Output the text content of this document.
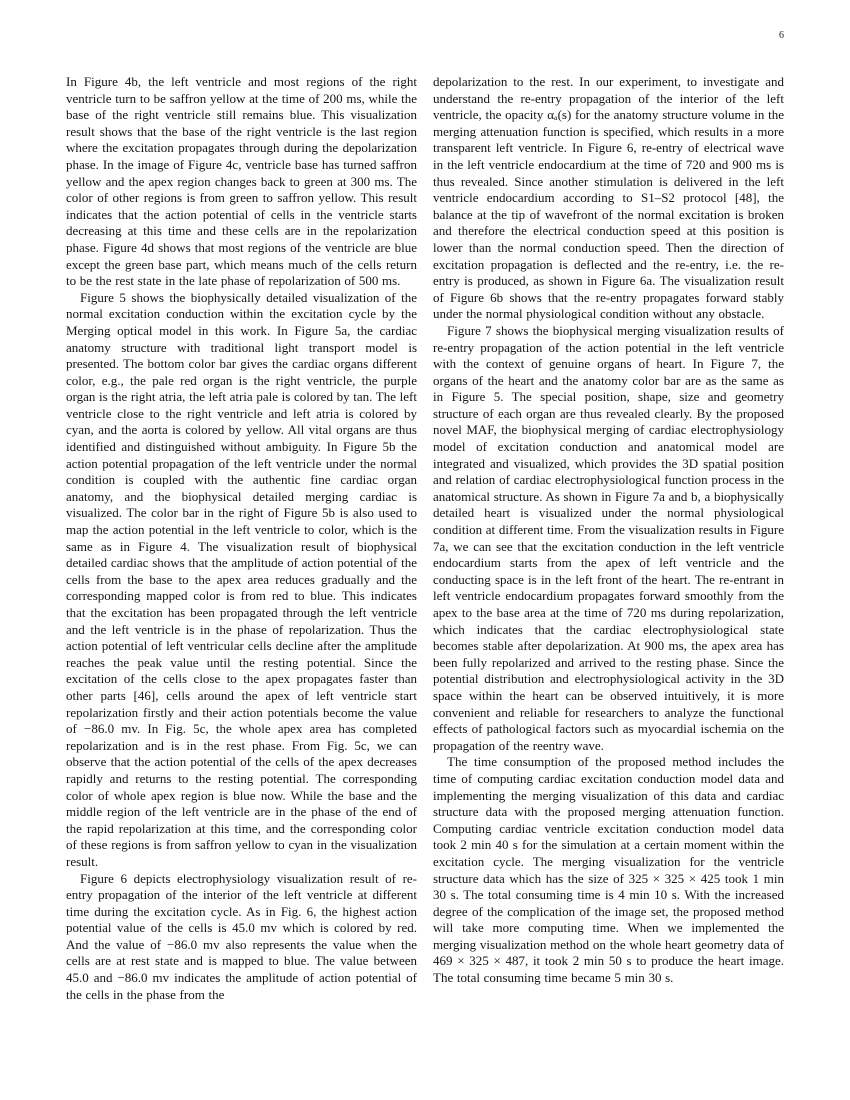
6

In Figure 4b, the left ventricle and most regions of the right ventricle turn to be saffron yellow at the time of 200 ms, while the base of the right ventricle still remains blue. This visualization result shows that the base of the right ventricle is the last region where the excitation propagates through during the depolarization phase. In the image of Figure 4c, ventricle base has turned saffron yellow and the apex region changes back to green at 300 ms. The color of other regions is from green to saffron yellow. This result indicates that the action potential of cells in the ventricle starts decreasing at this time and these cells are in the repolarization phase. Figure 4d shows that most regions of the ventricle are blue except the green base part, which means much of the cells return to be the rest state in the late phase of repolarization of 500 ms.

Figure 5 shows the biophysically detailed visualization of the normal excitation conduction within the excitation cycle by the Merging optical model in this work. In Figure 5a, the cardiac anatomy structure with traditional light transport model is presented. The bottom color bar gives the cardiac organs different color, e.g., the pale red organ is the right ventricle, the purple organ is the right atria, the left atria pale is colored by tan. The left ventricle close to the right ventricle and left atria is colored by cyan, and the aorta is colored by yellow. All vital organs are thus identified and distinguished without ambiguity. In Figure 5b the action potential propagation of the left ventricle under the normal condition is coupled with the authentic fine cardiac organ anatomy, and the biophysical detailed merging cardiac is visualized. The color bar in the right of Figure 5b is also used to map the action potential in the left ventricle to color, which is the same as in Figure 4. The visualization result of biophysical detailed cardiac shows that the amplitude of action potential of the cells from the base to the apex area reduces gradually and the corresponding mapped color is from red to blue. This indicates that the excitation has been propagated through the left ventricle and the left ventricle is in the phase of repolarization. Thus the action potential of left ventricular cells decline after the amplitude reaches the peak value until the resting potential. Since the excitation of the cells close to the apex propagates faster than other parts [46], cells around the apex of left ventricle start repolarization firstly and their action potentials become the value of −86.0 mv. In Fig. 5c, the whole apex area has completed repolarization and is in the rest phase. From Fig. 5c, we can observe that the action potential of the cells of the apex decreases rapidly and returns to the resting potential. The corresponding color of whole apex region is blue now. While the base and the middle region of the left ventricle are in the phase of the end of the rapid repolarization at this time, and the corresponding color of these regions is from saffron yellow to cyan in the visualization result.

Figure 6 depicts electrophysiology visualization result of re-entry propagation of the interior of the left ventricle at different time during the excitation cycle. As in Fig. 6, the highest action potential value of the cells is 45.0 mv which is colored by red. And the value of −86.0 mv also represents the value when the cells are at rest state and is mapped to blue. The value between 45.0 and −86.0 mv indicates the amplitude of action potential of the cells in the phase from the

depolarization to the rest. In our experiment, to investigate and understand the re-entry propagation of the interior of the left ventricle, the opacity αₐ(s) for the anatomy structure volume in the merging attenuation function is specified, which results in a more transparent left ventricle. In Figure 6, re-entry of electrical wave in the left ventricle endocardium at the time of 720 and 900 ms is thus revealed. Since another stimulation is delivered in the left ventricle endocardium according to S1–S2 protocol [48], the balance at the tip of wavefront of the normal excitation is broken and therefore the electrical conduction speed at this position is lower than the normal conduction speed. Then the direction of excitation propagation is deflected and the re-entry, i.e. the re-entry is produced, as shown in Figure 6a. The visualization result of Figure 6b shows that the re-entry propagates forward stably under the normal physiological condition without any obstacle.

Figure 7 shows the biophysical merging visualization results of re-entry propagation of the action potential in the left ventricle with the context of genuine organs of heart. In Figure 7, the organs of the heart and the anatomy color bar are as the same as in Figure 5. The special position, shape, size and geometry structure of each organ are thus revealed clearly. By the proposed novel MAF, the biophysical merging of cardiac electrophysiology model of excitation conduction and anatomical model are integrated and visualized, which provides the 3D spatial position and relation of cardiac electrophysiological function process in the anatomical structure. As shown in Figure 7a and b, a biophysically detailed heart is visualized under the normal physiological condition at different time. From the visualization results in Figure 7a, we can see that the excitation conduction in the left ventricle endocardium starts from the apex of left ventricle and the conducting space is in the left front of the heart. The re-entrant in left ventricle endocardium propagates forward smoothly from the apex to the base area at the time of 720 ms during repolarization, which indicates that the cardiac electrophysiological state becomes stable after depolarization. At 900 ms, the apex area has been fully repolarized and arrived to the resting phase. Since the potential distribution and electrophysiological activity in the 3D space within the heart can be observed intuitively, it is more convenient and reliable for researchers to analyze the functional effects of pathological factors such as myocardial ischemia on the propagation of the reentry wave.

The time consumption of the proposed method includes the time of computing cardiac excitation conduction model data and implementing the merging visualization of this data and cardiac structure data with the proposed merging attenuation function. Computing cardiac ventricle excitation conduction model data took 2 min 40 s for the simulation at a certain moment within the excitation cycle. The merging visualization for the ventricle structure data which has the size of 325 × 325 × 425 took 1 min 30 s. The total consuming time is 4 min 10 s. With the increased degree of the complication of the image set, the proposed method will take more computing time. When we implemented the merging visualization method on the whole heart geometry data of 469 × 325 × 487, it took 2 min 50 s to produce the heart image. The total consuming time became 5 min 30 s.
